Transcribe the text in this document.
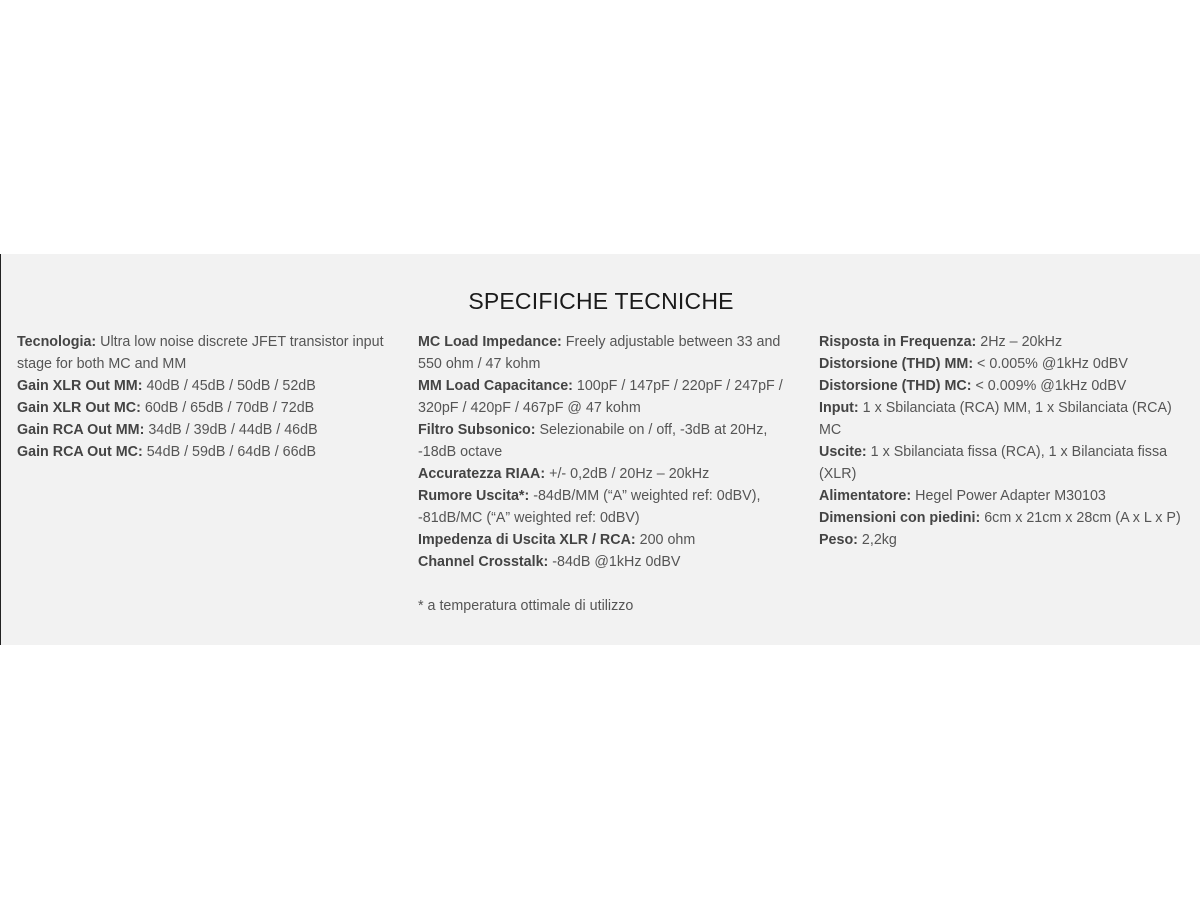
SPECIFICHE TECNICHE

Tecnologia: Ultra low noise discrete JFET transistor input stage for both MC and MM

Gain XLR Out MM: 40dB / 45dB / 50dB / 52dB

Gain XLR Out MC: 60dB / 65dB / 70dB / 72dB

Gain RCA Out MM: 34dB / 39dB / 44dB / 46dB

Gain RCA Out MC: 54dB / 59dB / 64dB / 66dB

MC Load Impedance: Freely adjustable between 33 and 550 ohm / 47 kohm

MM Load Capacitance: 100pF / 147pF / 220pF / 247pF / 320pF / 420pF / 467pF @ 47 kohm

Filtro Subsonico: Selezionabile on / off, -3dB at 20Hz, -18dB octave

Accuratezza RIAA: +/- 0,2dB / 20Hz – 20kHz

Rumore Uscita*: -84dB/MM (“A” weighted ref: 0dBV), -81dB/MC (“A” weighted ref: 0dBV)

Impedenza di Uscita XLR / RCA: 200 ohm

Channel Crosstalk: -84dB @1kHz 0dBV

* a temperatura ottimale di utilizzo

Risposta in Frequenza: 2Hz – 20kHz

Distorsione (THD) MM: < 0.005% @1kHz 0dBV

Distorsione (THD) MC: < 0.009% @1kHz 0dBV

Input: 1 x Sbilanciata (RCA) MM, 1 x Sbilanciata (RCA) MC

Uscite: 1 x Sbilanciata fissa (RCA), 1 x Bilanciata fissa (XLR)

Alimentatore: Hegel Power Adapter M30103

Dimensioni con piedini: 6cm x 21cm x 28cm (A x L x P)

Peso: 2,2kg
